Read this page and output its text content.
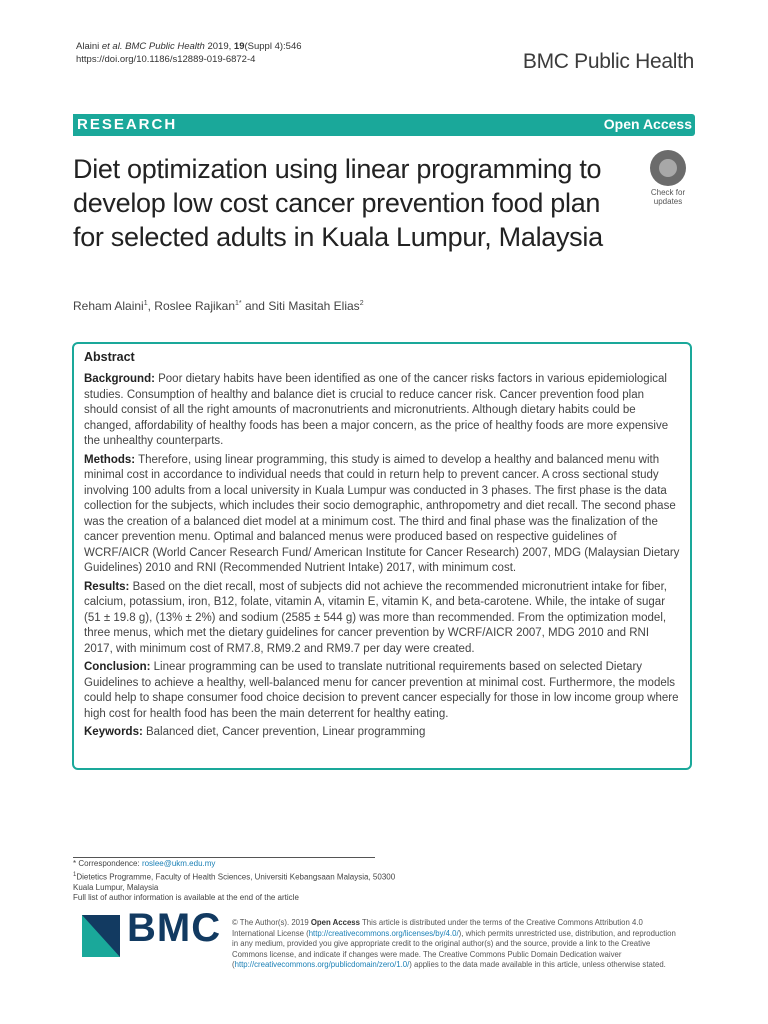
Alaini et al. BMC Public Health 2019, 19(Suppl 4):546
https://doi.org/10.1186/s12889-019-6872-4	BMC Public Health
RESEARCH	Open Access
Diet optimization using linear programming to develop low cost cancer prevention food plan for selected adults in Kuala Lumpur, Malaysia
Check for
updates
Reham Alaini$^1$, Roslee Rajikan$^{1*}$ and Siti Masitah Elias$^2$
Abstract

Background: Poor dietary habits have been identified as one of the cancer risks factors in various epidemiological studies. Consumption of healthy and balance diet is crucial to reduce cancer risk. Cancer prevention food plan should consist of all the right amounts of macronutrients and micronutrients. Although dietary habits could be changed, affordability of healthy foods has been a major concern, as the price of healthy foods are more expensive the unhealthy counterparts.

Methods: Therefore, using linear programming, this study is aimed to develop a healthy and balanced menu with minimal cost in accordance to individual needs that could in return help to prevent cancer. A cross sectional study involving 100 adults from a local university in Kuala Lumpur was conducted in 3 phases. The first phase is the data collection for the subjects, which includes their socio demographic, anthropometry and diet recall. The second phase was the creation of a balanced diet model at a minimum cost. The third and final phase was the finalization of the cancer prevention menu. Optimal and balanced menus were produced based on respective guidelines of WCRF/AICR (World Cancer Research Fund/ American Institute for Cancer Research) 2007, MDG (Malaysian Dietary Guidelines) 2010 and RNI (Recommended Nutrient Intake) 2017, with minimum cost.

Results: Based on the diet recall, most of subjects did not achieve the recommended micronutrient intake for fiber, calcium, potassium, iron, B12, folate, vitamin A, vitamin E, vitamin K, and beta-carotene. While, the intake of sugar (51 ± 19.8 g), (13% ± 2%) and sodium (2585 ± 544 g) was more than recommended. From the optimization model, three menus, which met the dietary guidelines for cancer prevention by WCRF/AICR 2007, MDG 2010 and RNI 2017, with minimum cost of RM7.8, RM9.2 and RM9.7 per day were created.

Conclusion: Linear programming can be used to translate nutritional requirements based on selected Dietary Guidelines to achieve a healthy, well-balanced menu for cancer prevention at minimal cost. Furthermore, the models could help to shape consumer food choice decision to prevent cancer especially for those in low income group where high cost for health food has been the main deterrent for healthy eating.

Keywords: Balanced diet, Cancer prevention, Linear programming

* Correspondence: roslee@ukm.edu.my
$^1$Dietetics Programme, Faculty of Health Sciences, Universiti Kebangsaan Malaysia, 50300 Kuala Lumpur, Malaysia
Full list of author information is available at the end of the article
BMC © The Author(s). 2019 Open Access This article is distributed under the terms of the Creative Commons Attribution 4.0 International License (http://creativecommons.org/licenses/by/4.0/), which permits unrestricted use, distribution, and reproduction in any medium, provided you give appropriate credit to the original author(s) and the source, provide a link to the Creative Commons license, and indicate if changes were made. The Creative Commons Public Domain Dedication waiver (http://creativecommons.org/publicdomain/zero/1.0/) applies to the data made available in this article, unless otherwise stated.
